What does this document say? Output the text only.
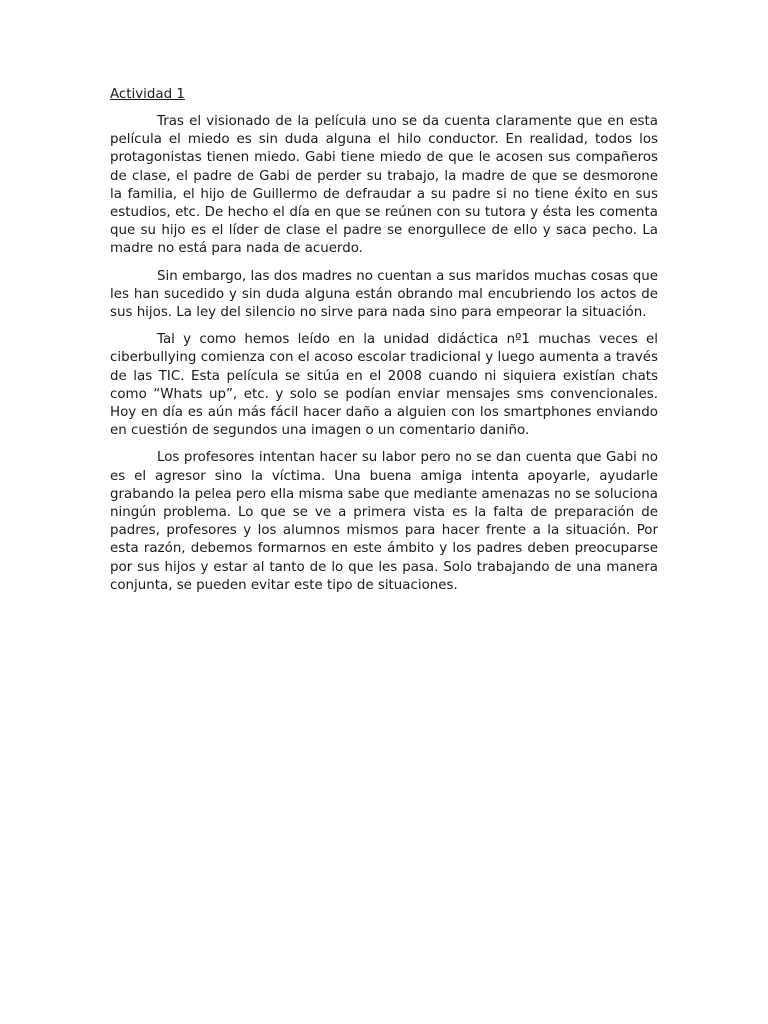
Actividad 1

Tras el visionado de la película uno se da cuenta claramente que en esta película el miedo es sin duda alguna el hilo conductor. En realidad, todos los protagonistas tienen miedo. Gabi tiene miedo de que le acosen sus compañeros de clase, el padre de Gabi de perder su trabajo, la madre de que se desmorone la familia, el hijo de Guillermo de defraudar a su padre si no tiene éxito en sus estudios, etc. De hecho el día en que se reúnen con su tutora y ésta les comenta que su hijo es el líder de clase el padre se enorgullece de ello y saca pecho. La madre no está para nada de acuerdo.

Sin embargo, las dos madres no cuentan a sus maridos muchas cosas que les han sucedido y sin duda alguna están obrando mal encubriendo los actos de sus hijos. La ley del silencio no sirve para nada sino para empeorar la situación.

Tal y como hemos leído en la unidad didáctica nº1 muchas veces el ciberbullying comienza con el acoso escolar tradicional y luego aumenta a través de las TIC. Esta película se sitúa en el 2008 cuando ni siquiera existían chats como “Whats up”, etc. y solo se podían enviar mensajes sms convencionales. Hoy en día es aún más fácil hacer daño a alguien con los smartphones enviando en cuestión de segundos una imagen o un comentario daniño.

Los profesores intentan hacer su labor pero no se dan cuenta que Gabi no es el agresor sino la víctima. Una buena amiga intenta apoyarle, ayudarle grabando la pelea pero ella misma sabe que mediante amenazas no se soluciona ningún problema. Lo que se ve a primera vista es la falta de preparación de padres, profesores y los alumnos mismos para hacer frente a la situación. Por esta razón, debemos formarnos en este ámbito y los padres deben preocuparse por sus hijos y estar al tanto de lo que les pasa. Solo trabajando de una manera conjunta, se pueden evitar este tipo de situaciones.
